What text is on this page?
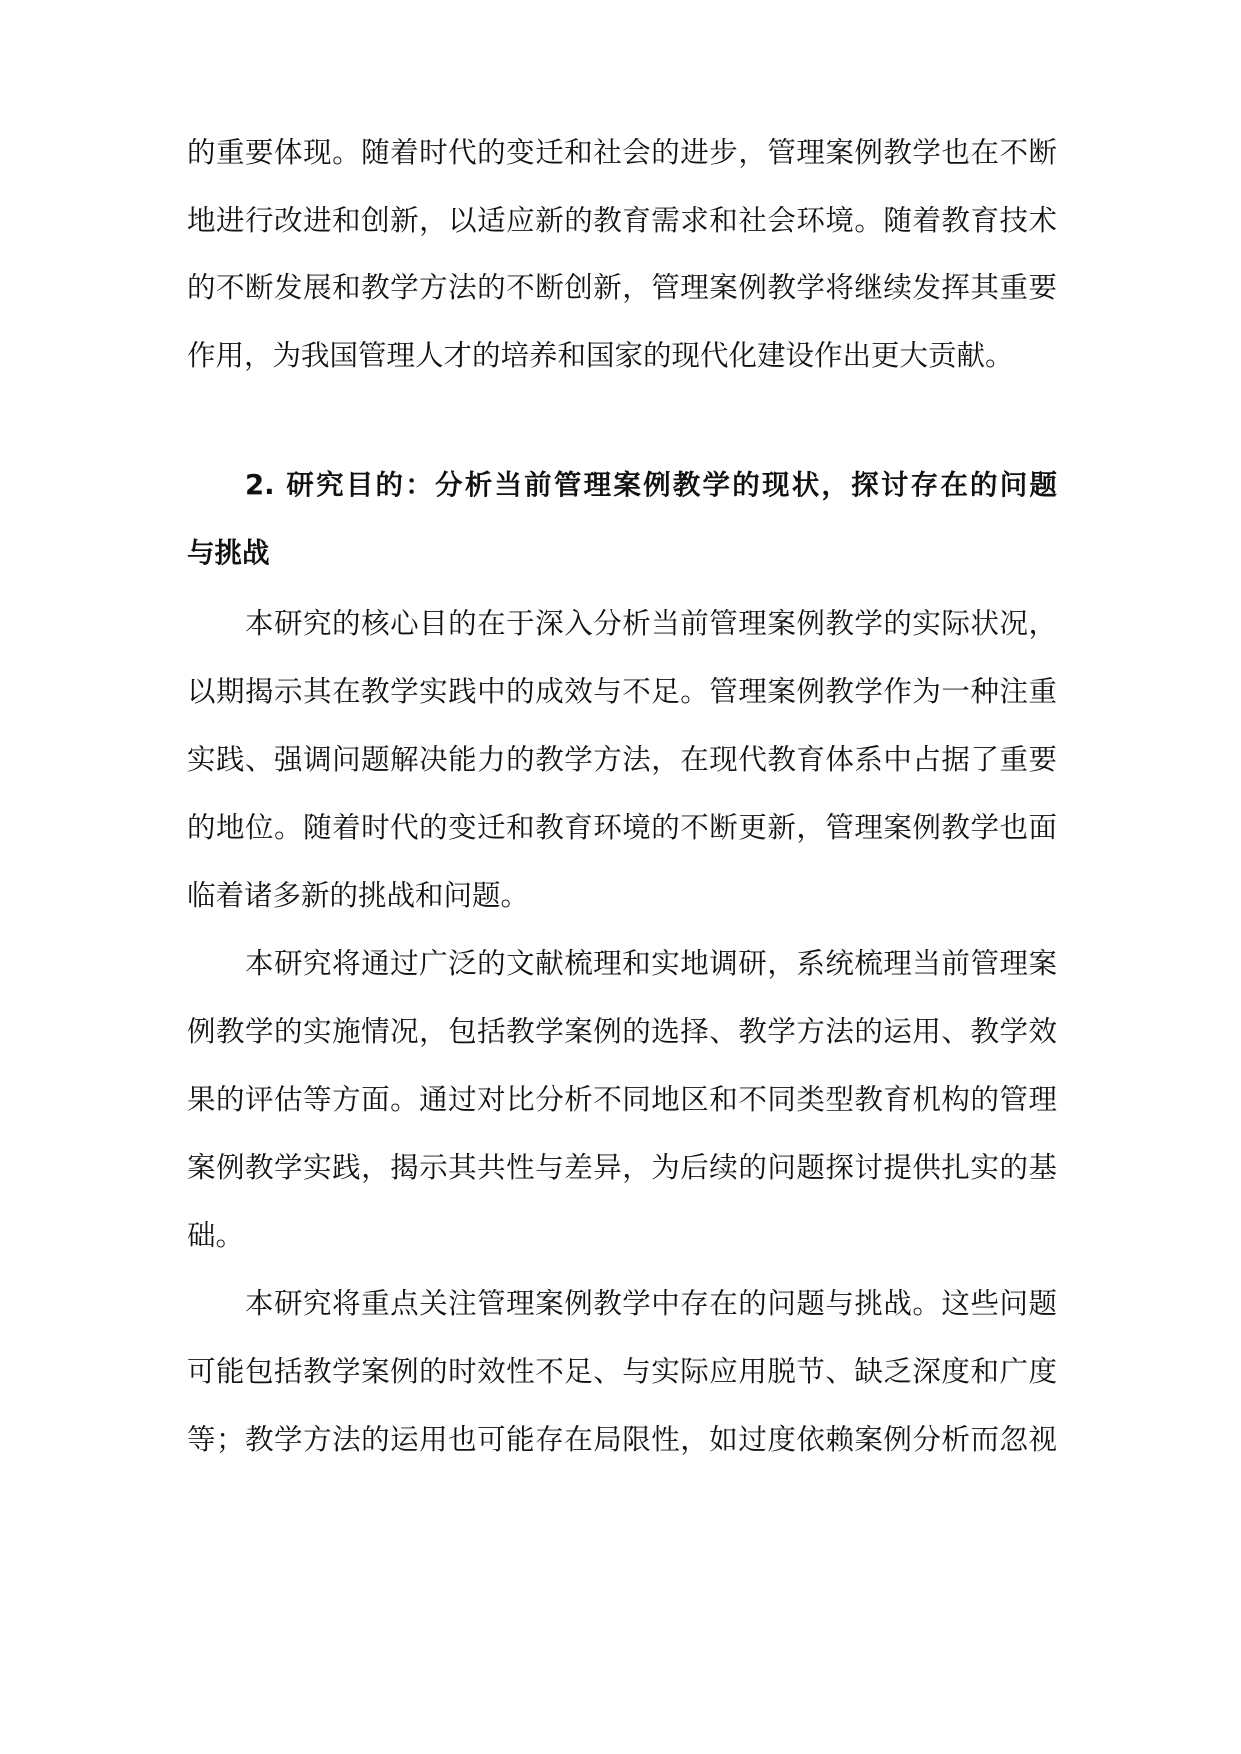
的重要体现。随着时代的变迁和社会的进步，管理案例教学也在不断
地进行改进和创新，以适应新的教育需求和社会环境。随着教育技术
的不断发展和教学方法的不断创新，管理案例教学将继续发挥其重要
作用，为我国管理人才的培养和国家的现代化建设作出更大贡献。
2. 研究目的：分析当前管理案例教学的现状，探讨存在的问题
与挑战
本研究的核心目的在于深入分析当前管理案例教学的实际状况，
以期揭示其在教学实践中的成效与不足。管理案例教学作为一种注重
实践、强调问题解决能力的教学方法，在现代教育体系中占据了重要
的地位。随着时代的变迁和教育环境的不断更新，管理案例教学也面
临着诸多新的挑战和问题。
本研究将通过广泛的文献梳理和实地调研，系统梳理当前管理案
例教学的实施情况，包括教学案例的选择、教学方法的运用、教学效
果的评估等方面。通过对比分析不同地区和不同类型教育机构的管理
案例教学实践，揭示其共性与差异，为后续的问题探讨提供扎实的基
础。
本研究将重点关注管理案例教学中存在的问题与挑战。这些问题
可能包括教学案例的时效性不足、与实际应用脱节、缺乏深度和广度
等；教学方法的运用也可能存在局限性，如过度依赖案例分析而忽视
